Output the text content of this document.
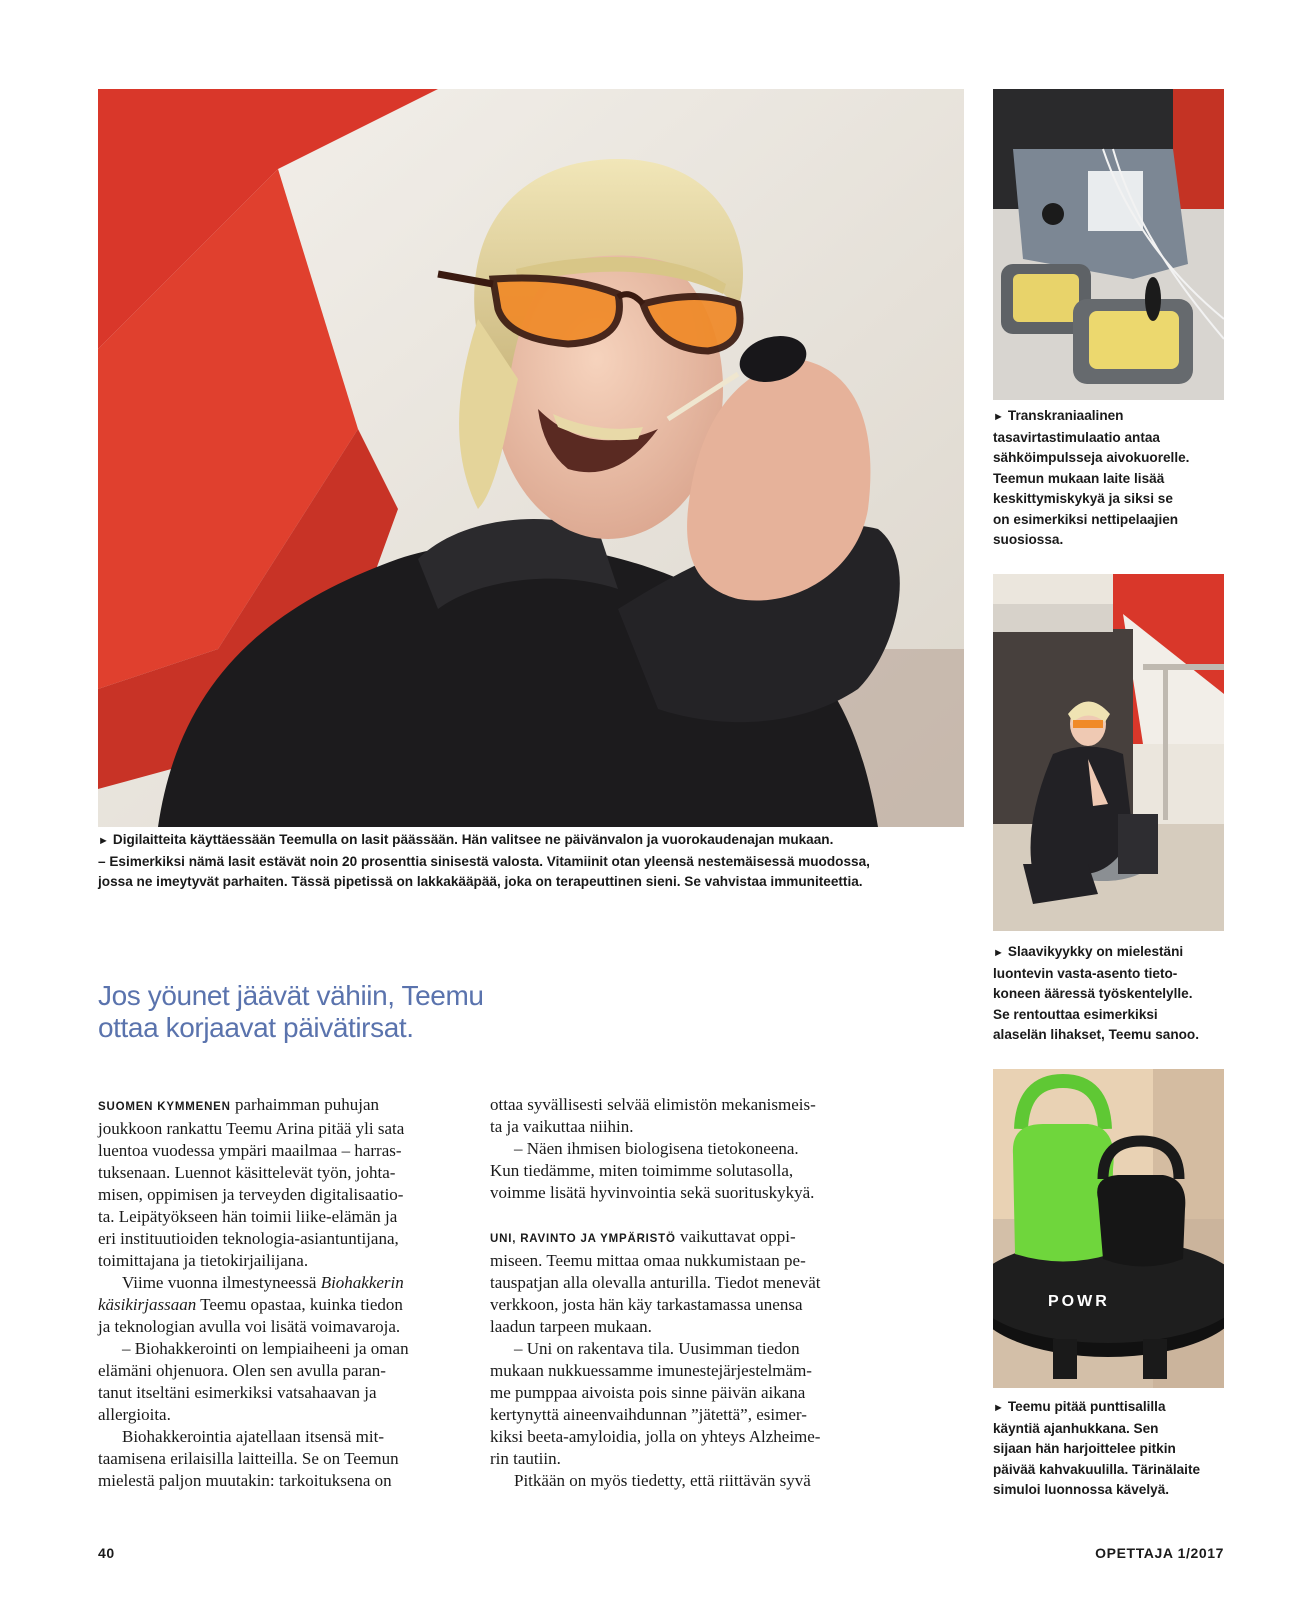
► Digilaitteita käyttäessään Teemulla on lasit päässään. Hän valitsee ne päivänvalon ja vuorokaudenajan mukaan.
– Esimerkiksi nämä lasit estävät noin 20 prosenttia sinisestä valosta. Vitamiinit otan yleensä nestemäisessä muodossa,
jossa ne imeytyvät parhaiten. Tässä pipetissä on lakkakääpää, joka on terapeuttinen sieni. Se vahvistaa immuniteettia.
► Transkraniaalinen
tasavirtastimulaatio antaa
sähköimpulsseja aivokuorelle.
Teemun mukaan laite lisää
keskittymiskykyä ja siksi se
on esimerkiksi nettipelaajien
suosiossa.
► Slaavikyykky on mielestäni
luontevin vasta-asento tieto-
koneen ääressä työskentelylle.
Se rentouttaa esimerkiksi
alaselän lihakset, Teemu sanoo.
Jos yöunet jäävät vähiin, Teemu
ottaa korjaavat päivätirsat.
POWR
► Teemu pitää punttisalilla
käyntiä ajanhukkana. Sen
sijaan hän harjoittelee pitkin
päivää kahvakuulilla. Tärinälaite
simuloi luonnossa kävelyä.

SUOMEN KYMMENEN parhaimman puhujan
joukkoon rankattu Teemu Arina pitää yli sata
luentoa vuodessa ympäri maailmaa – harras-
tuksenaan. Luennot käsittelevät työn, johta-
misen, oppimisen ja terveyden digitalisaatio-
ta. Leipätyökseen hän toimii liike-elämän ja
eri instituutioiden teknologia-asiantuntijana,
toimittajana ja tietokirjailijana.

Viime vuonna ilmestyneessä Biohakkerin
käsikirjassaan Teemu opastaa, kuinka tiedon
ja teknologian avulla voi lisätä voimavaroja.

– Biohakkerointi on lempiaiheeni ja oman
elämäni ohjenuora. Olen sen avulla paran-
tanut itseltäni esimerkiksi vatsahaavan ja
allergioita.

Biohakkerointia ajatellaan itsensä mit-
taamisena erilaisilla laitteilla. Se on Teemun
mielestä paljon muutakin: tarkoituksena on

ottaa syvällisesti selvää elimistön mekanismeis-
ta ja vaikuttaa niihin.

– Näen ihmisen biologisena tietokoneena.
Kun tiedämme, miten toimimme solutasolla,
voimme lisätä hyvinvointia sekä suorituskykyä.

UNI, RAVINTO JA YMPÄRISTÖ vaikuttavat oppi-
miseen. Teemu mittaa omaa nukkumistaan pe-
tauspatjan alla olevalla anturilla. Tiedot menevät
verkkoon, josta hän käy tarkastamassa unensa
laadun tarpeen mukaan.

– Uni on rakentava tila. Uusimman tiedon
mukaan nukkuessamme imunestejärjestelmäm-
me pumppaa aivoista pois sinne päivän aikana
kertynyttä aineenvaihdunnan ”jätettä”, esimer-
kiksi beeta-amyloidia, jolla on yhteys Alzheime-
rin tautiin.

Pitkään on myös tiedetty, että riittävän syvä

40	OPETTAJA 1/2017
